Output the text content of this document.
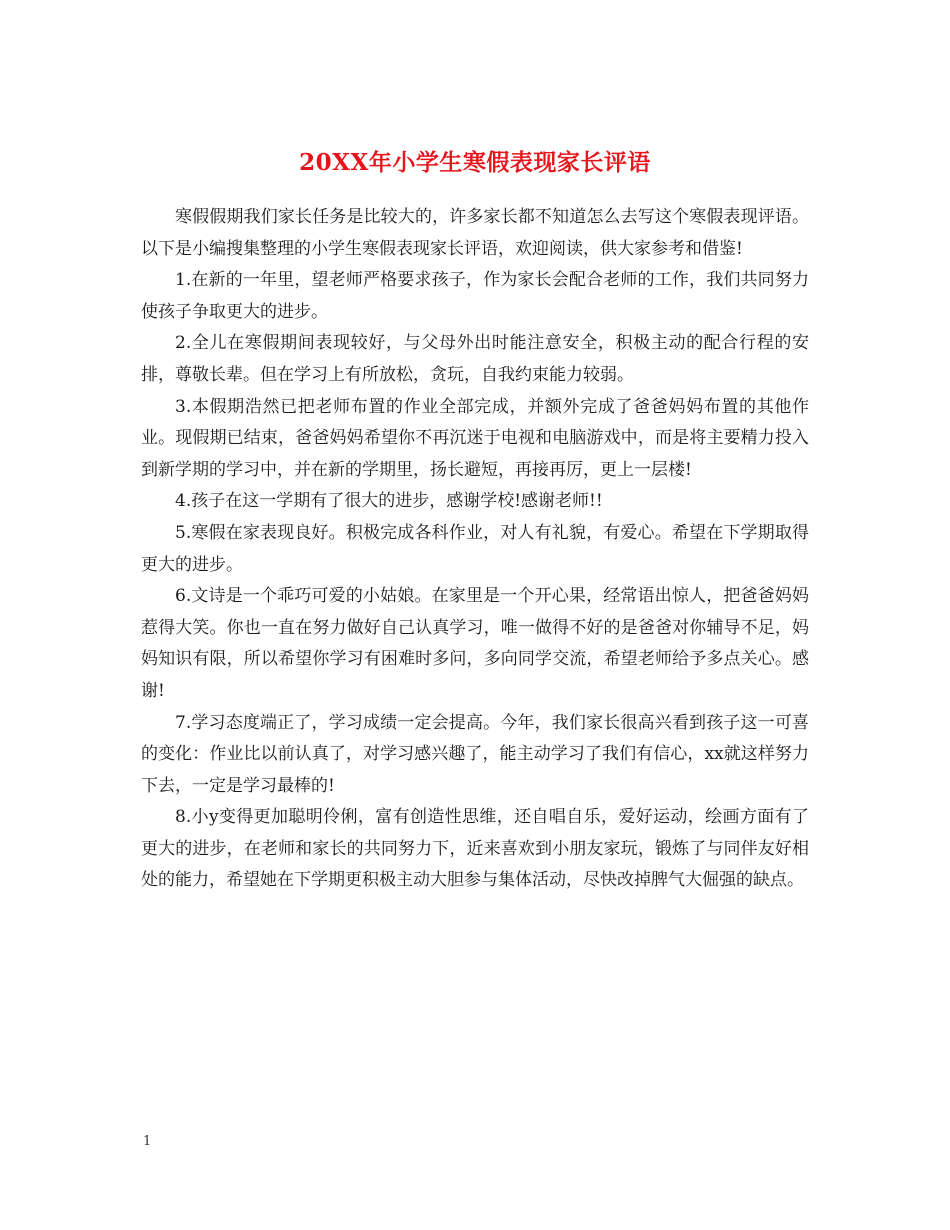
20XX年小学生寒假表现家长评语

寒假假期我们家长任务是比较大的，许多家长都不知道怎么去写这个寒假表现评语。以下是小编搜集整理的小学生寒假表现家长评语，欢迎阅读，供大家参考和借鉴!

1.在新的一年里，望老师严格要求孩子，作为家长会配合老师的工作，我们共同努力使孩子争取更大的进步。

2.全儿在寒假期间表现较好，与父母外出时能注意安全，积极主动的配合行程的安排，尊敬长辈。但在学习上有所放松，贪玩，自我约束能力较弱。

3.本假期浩然已把老师布置的作业全部完成，并额外完成了爸爸妈妈布置的其他作业。现假期已结束，爸爸妈妈希望你不再沉迷于电视和电脑游戏中，而是将主要精力投入到新学期的学习中，并在新的学期里，扬长避短，再接再厉，更上一层楼!

4.孩子在这一学期有了很大的进步，感谢学校!感谢老师!!

5.寒假在家表现良好。积极完成各科作业，对人有礼貌，有爱心。希望在下学期取得更大的进步。

6.文诗是一个乖巧可爱的小姑娘。在家里是一个开心果，经常语出惊人，把爸爸妈妈惹得大笑。你也一直在努力做好自己认真学习，唯一做得不好的是爸爸对你辅导不足，妈妈知识有限，所以希望你学习有困难时多问，多向同学交流，希望老师给予多点关心。感谢!

7.学习态度端正了，学习成绩一定会提高。今年，我们家长很高兴看到孩子这一可喜的变化：作业比以前认真了，对学习感兴趣了，能主动学习了我们有信心，xx就这样努力下去，一定是学习最棒的!

8.小y变得更加聪明伶俐，富有创造性思维，还自唱自乐，爱好运动，绘画方面有了更大的进步，在老师和家长的共同努力下，近来喜欢到小朋友家玩，锻炼了与同伴友好相处的能力，希望她在下学期更积极主动大胆参与集体活动，尽快改掉脾气大倔强的缺点。

1
